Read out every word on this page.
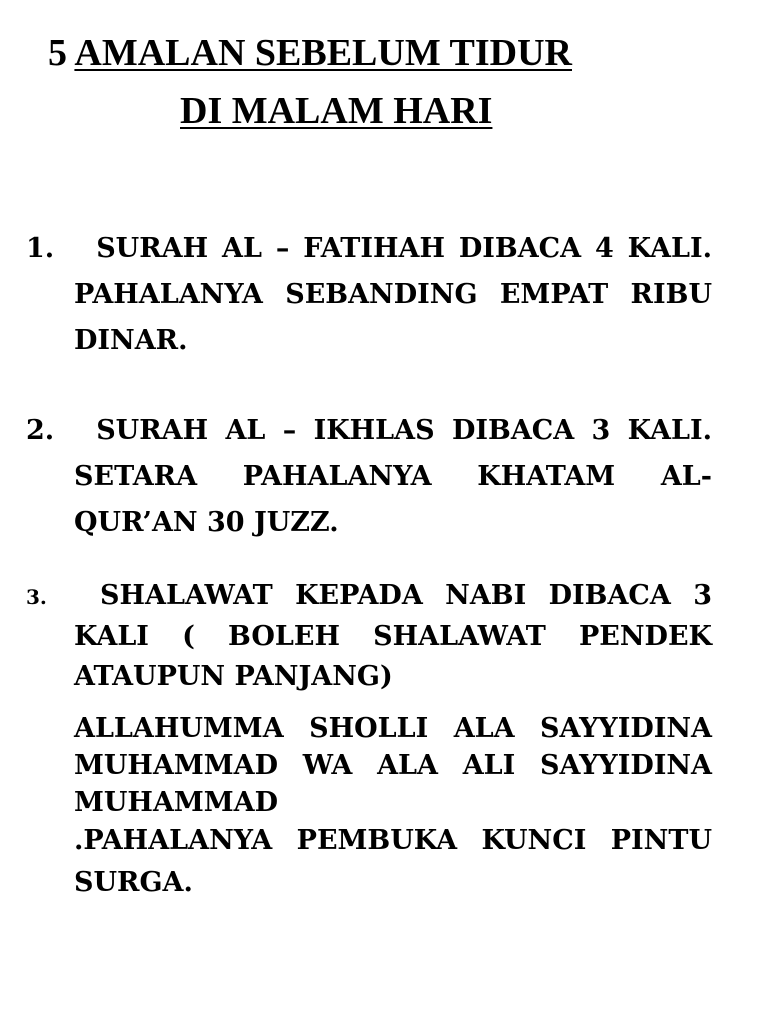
5 AMALAN SEBELUM TIDUR
DI MALAM HARI

1. SURAH AL – FATIHAH DIBACA 4 KALI. PAHALANYA SEBANDING EMPAT RIBU DINAR.

2. SURAH AL – IKHLAS DIBACA 3 KALI. SETARA PAHALANYA KHATAM AL-QUR’AN 30 JUZZ.

3. SHALAWAT KEPADA NABI DIBACA 3 KALI ( BOLEH SHALAWAT PENDEK ATAUPUN PANJANG)

ALLAHUMMA SHOLLI ALA SAYYIDINA MUHAMMAD WA ALA ALI SAYYIDINA MUHAMMAD

.PAHALANYA PEMBUKA KUNCI PINTU SURGA.
